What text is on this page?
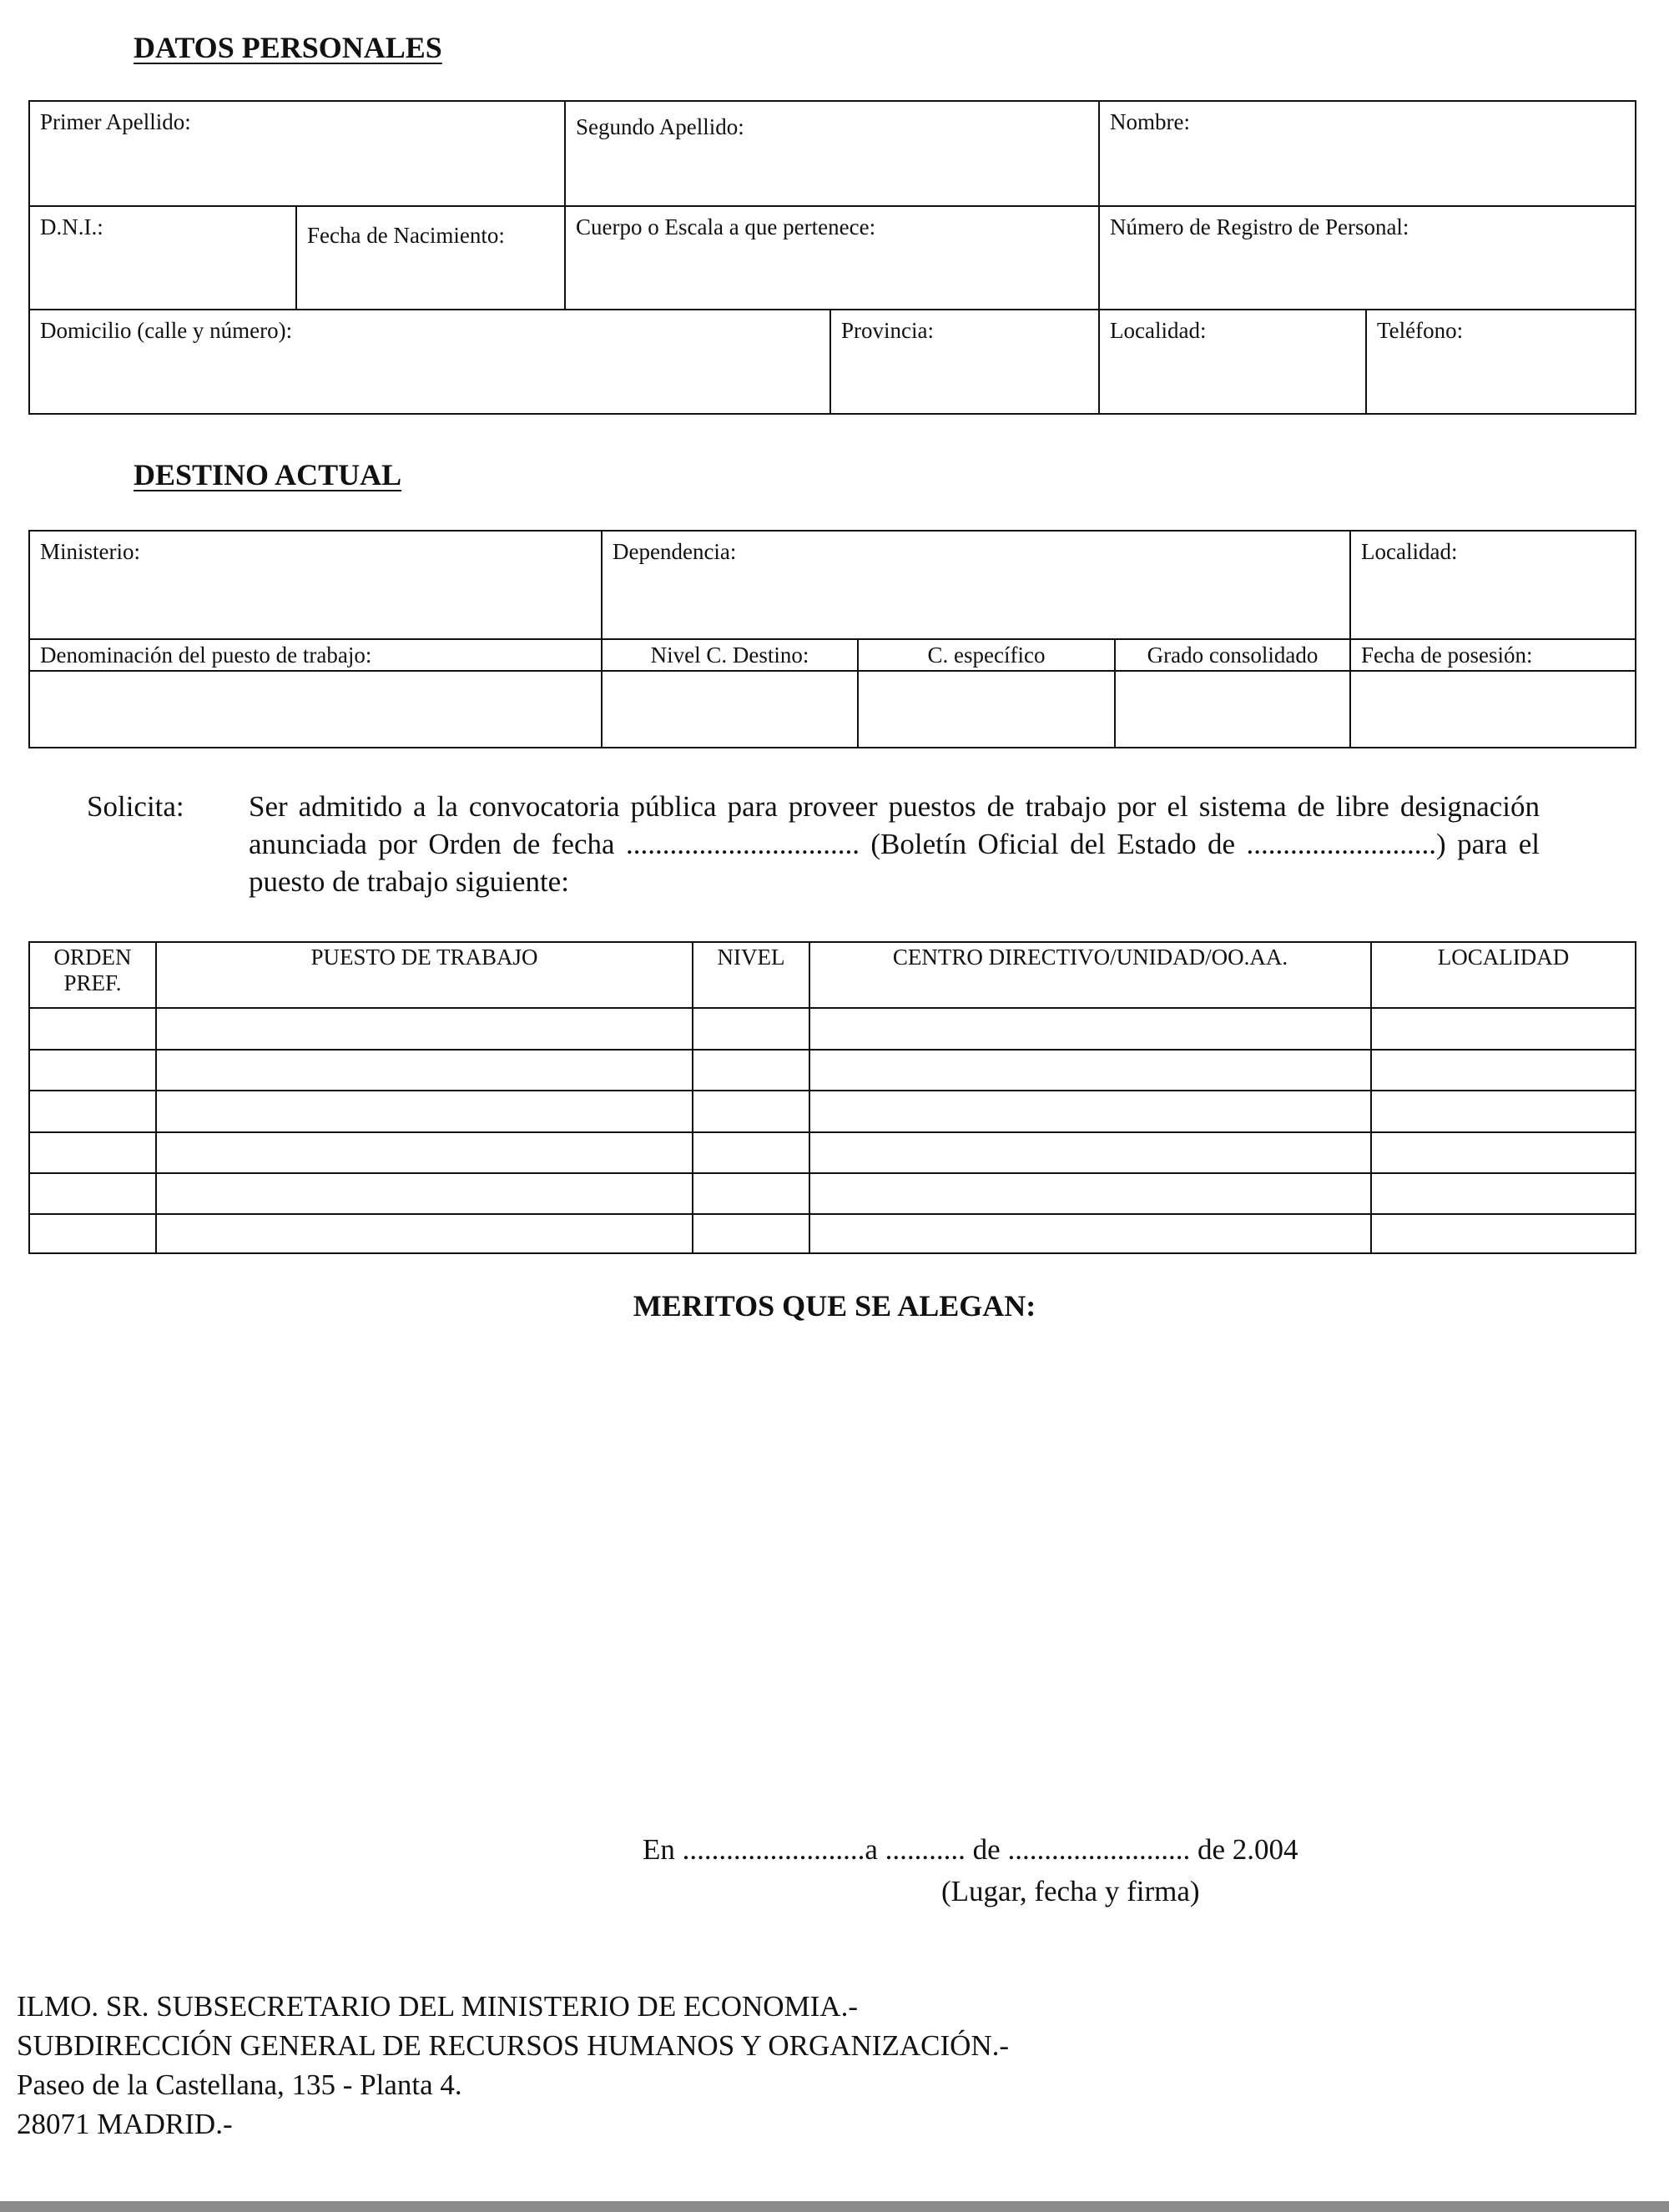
DATOS PERSONALES
Primer Apellido:		Segundo Apellido:		Nombre:	
D.N.I.:	Fecha de Nacimiento:	Cuerpo o Escala a que pertenece:		Número de Registro de Personal:	
Domicilio (calle y número):			Provincia:	Localidad:	Teléfono:
DESTINO ACTUAL
Ministerio:	Dependencia:			Localidad:
Denominación del puesto de trabajo:	Nivel C. Destino:	C. específico	Grado consolidado	Fecha de posesión:

Solicita: Ser admitido a la convocatoria pública para proveer puestos de trabajo por el sistema de libre designación anunciada por Orden de fecha ................................ (Boletín Oficial del Estado de ..........................) para el puesto de trabajo siguiente:
ORDEN PREF.	PUESTO DE TRABAJO	NIVEL	CENTRO DIRECTIVO/UNIDAD/OO.AA.	LOCALIDAD

MERITOS QUE SE ALEGAN:
En .........................a ........... de ......................... de 2.004
(Lugar, fecha y firma)
ILMO. SR. SUBSECRETARIO DEL MINISTERIO DE ECONOMIA.-
SUBDIRECCIÓN GENERAL DE RECURSOS HUMANOS Y ORGANIZACIÓN.-
Paseo de la Castellana, 135 - Planta 4.
28071 MADRID.-
